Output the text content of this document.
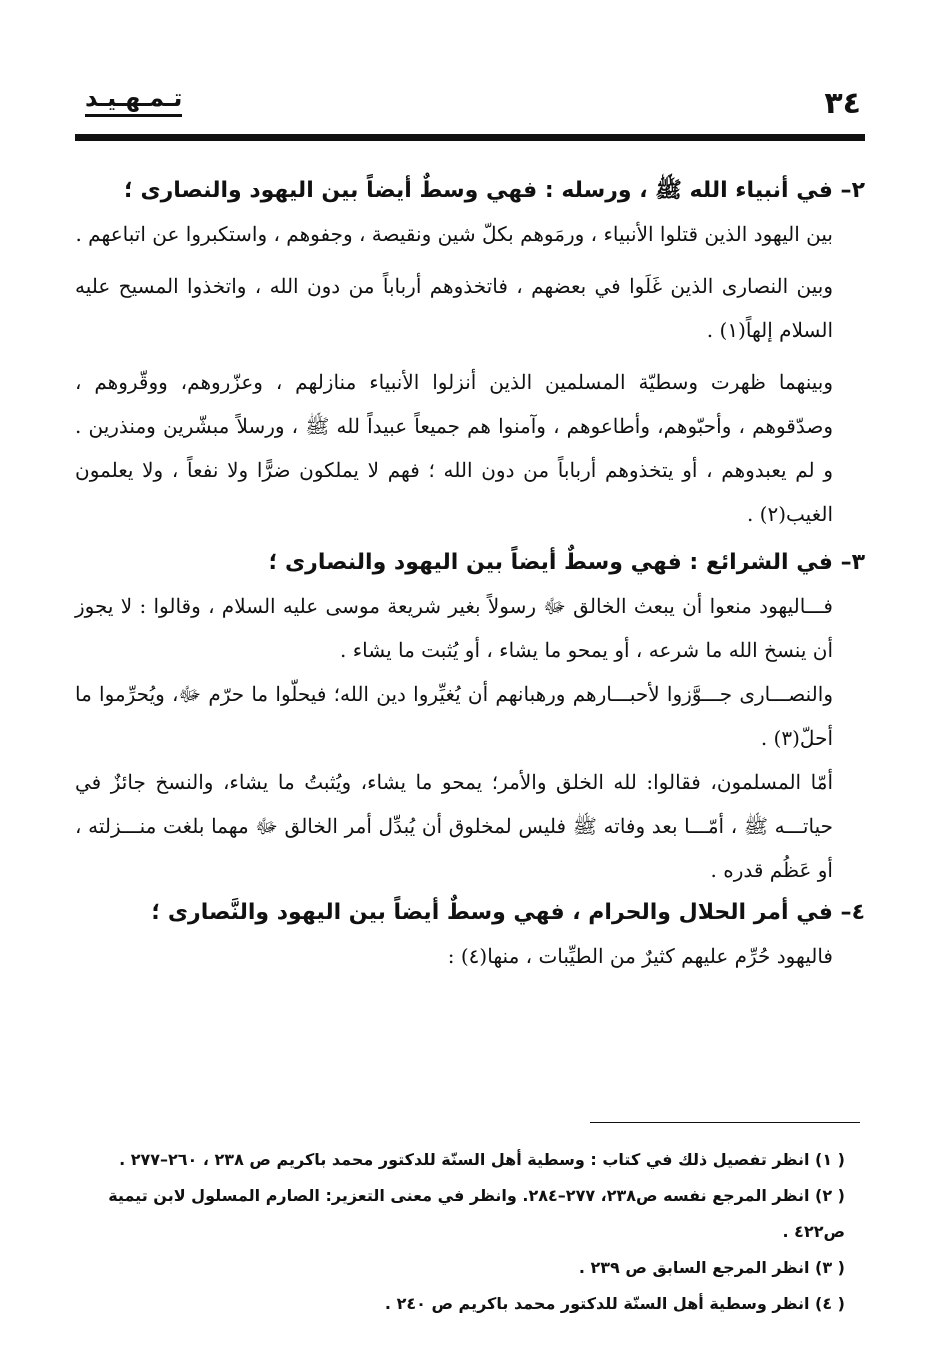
٣٤
تـمـهـيـد

٢– في أنبياء الله ﷺ ، ورسله : فهي وسطٌ أيضاً بين اليهود والنصارى ؛

بين اليهود الذين قتلوا الأنبياء ، ورمَوهم بكلّ شين ونقيصة ، وجفوهم ، واستكبروا عن اتباعهم .

وبين النصارى الذين غَلَوا في بعضهم ، فاتخذوهم أرباباً من دون الله ، واتخذوا المسيح عليه السلام إلهاً(١) .

وبينهما ظهرت وسطيّة المسلمين الذين أنزلوا الأنبياء منازلهم ، وعزّروهم، ووقّروهم ، وصدّقوهم ، وأحبّوهم، وأطاعوهم ، وآمنوا هم جميعاً عبيداً لله ﷺ ، ورسلاً مبشّرين ومنذرين . و لم يعبدوهم ، أو يتخذوهم أرباباً من دون الله ؛ فهم لا يملكون ضرًّا ولا نفعاً ، ولا يعلمون الغيب(٢) .

٣– في الشرائع : فهي وسطٌ أيضاً بين اليهود والنصارى ؛

فـــاليهود منعوا أن يبعث الخالق ﷻ رسولاً بغير شريعة موسى عليه السلام ، وقالوا : لا يجوز أن ينسخ الله ما شرعه ، أو يمحو ما يشاء ، أو يُثبت ما يشاء .

والنصـــارى جـــوَّزوا لأحبـــارهم ورهبانهم أن يُغيِّروا دين الله؛ فيحلّوا ما حرّم ﷻ، ويُحرِّموا ما أحلّ(٣) .

أمّا المسلمون، فقالوا: لله الخلق والأمر؛ يمحو ما يشاء، ويُثبتُ ما يشاء، والنسخ جائزٌ في حياتـــه ﷺ ، أمّـــا بعد وفاته ﷺ فليس لمخلوق أن يُبدِّل أمر الخالق ﷻ مهما بلغت منـــزلته ، أو عَظُم قدره .

٤– في أمر الحلال والحرام ، فهي وسطٌ أيضاً بين اليهود والنَّصارى ؛

فاليهود حُرِّم عليهم كثيرٌ من الطيِّبات ، منها(٤) :

( ١) انظر تفصيل ذلك في كتاب : وسطية أهل السنّة للدكتور محمد باكريم ص ٢٣٨ ، ٢٦٠–٢٧٧ .

( ٢) انظر المرجع نفسه ص٢٣٨، ٢٧٧–٢٨٤. وانظر في معنى التعزير: الصارم المسلول لابن تيمية ص٤٢٢ .

( ٣) انظر المرجع السابق ص ٢٣٩ .

( ٤) انظر وسطية أهل السنّة للدكتور محمد باكريم ص ٢٤٠ .
